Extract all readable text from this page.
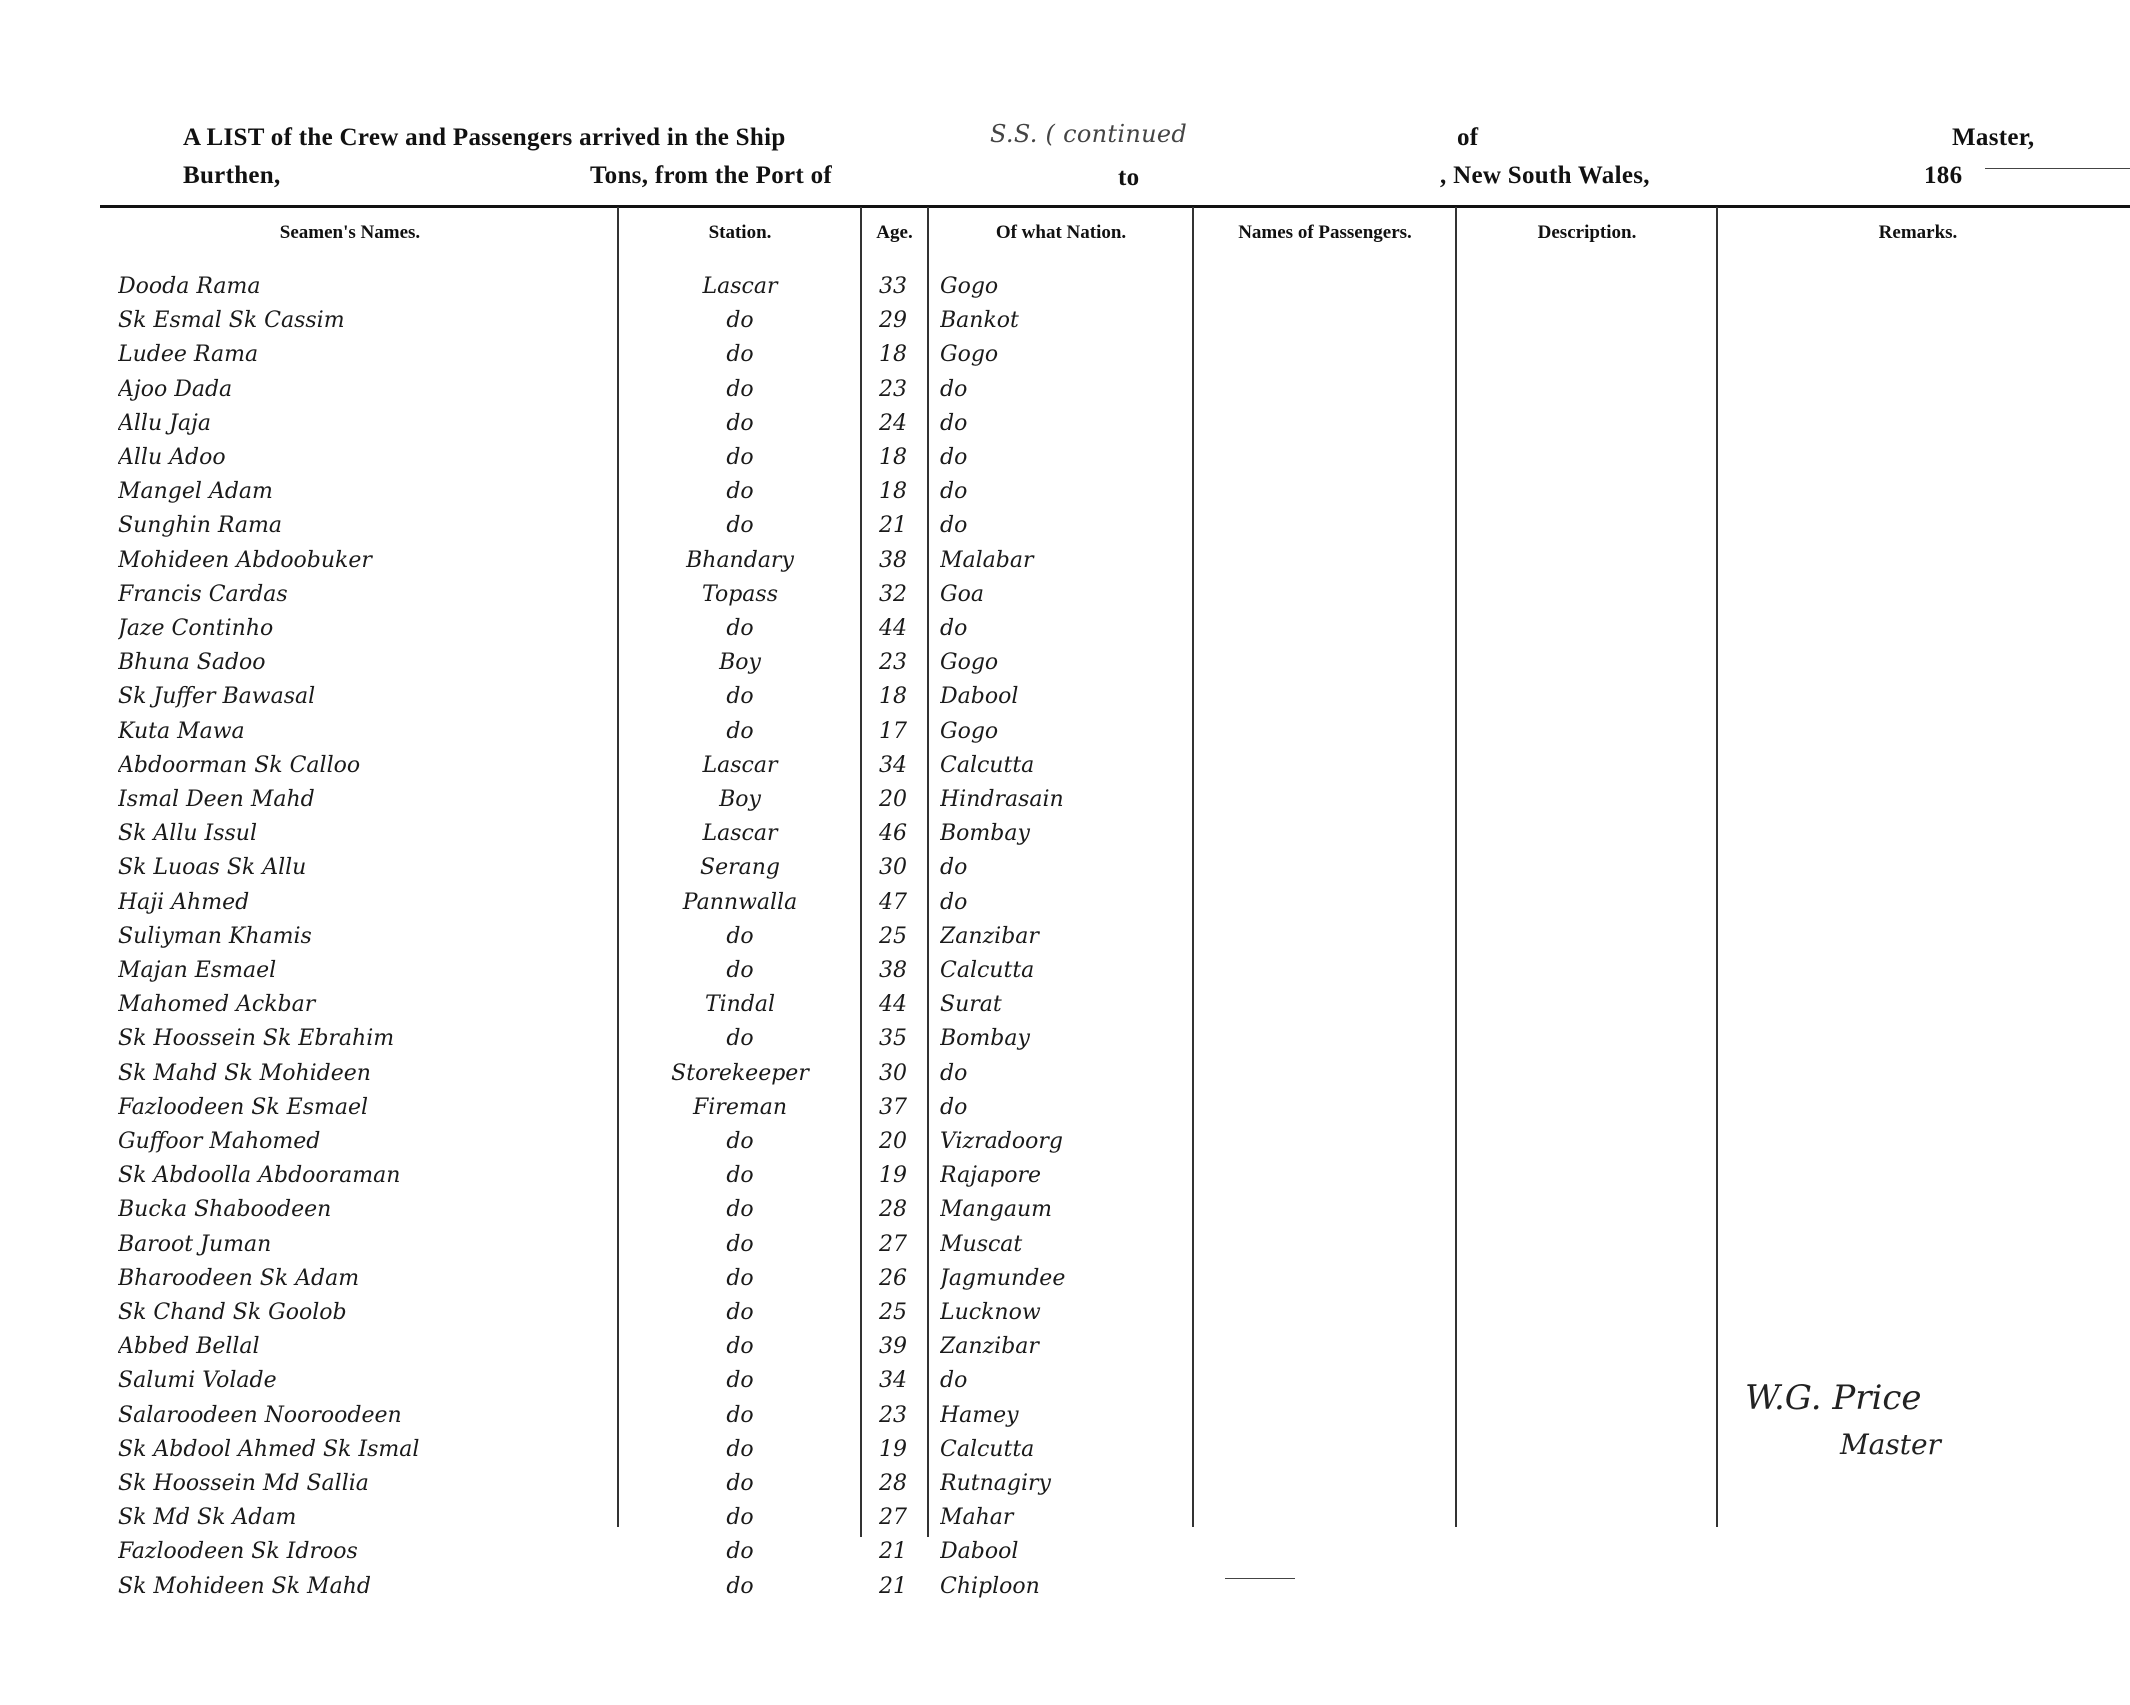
A LIST of the Crew and Passengers arrived in the Ship	S.S. ( continued	of	Master,
Burthen,	Tons, from the Port of	to	, New South Wales,	186
Seamen's Names.	Station.	Age.	Of what Nation.	Names of Passengers.	Description.	Remarks.
Dooda Rama	Lascar	33	Gogo
Sk Esmal Sk Cassim	do	29	Bankot
Ludee Rama	do	18	Gogo
Ajoo Dada	do	23	do
Allu Jaja	do	24	do
Allu Adoo	do	18	do
Mangel Adam	do	18	do
Sunghin Rama	do	21	do
Mohideen Abdoobuker	Bhandary	38	Malabar
Francis Cardas	Topass	32	Goa
Jaze Continho	do	44	do
Bhuna Sadoo	Boy	23	Gogo
Sk Juffer Bawasal	do	18	Dabool
Kuta Mawa	do	17	Gogo
Abdoorman Sk Calloo	Lascar	34	Calcutta
Ismal Deen Mahd	Boy	20	Hindrasain
Sk Allu Issul	Lascar	46	Bombay
Sk Luoas Sk Allu	Serang	30	do
Haji Ahmed	Pannwalla	47	do
Suliyman Khamis	do	25	Zanzibar
Majan Esmael	do	38	Calcutta
Mahomed Ackbar	Tindal	44	Surat
Sk Hoossein Sk Ebrahim	do	35	Bombay
Sk Mahd Sk Mohideen	Storekeeper	30	do
Fazloodeen Sk Esmael	Fireman	37	do
Guffoor Mahomed	do	20	Vizradoorg
Sk Abdoolla Abdooraman	do	19	Rajapore
Bucka Shaboodeen	do	28	Mangaum
Baroot Juman	do	27	Muscat
Bharoodeen Sk Adam	do	26	Jagmundee
Sk Chand Sk Goolob	do	25	Lucknow
Abbed Bellal	do	39	Zanzibar
Salumi Volade	do	34	do
Salaroodeen Nooroodeen	do	23	Hamey
Sk Abdool Ahmed Sk Ismal	do	19	Calcutta
Sk Hoossein Md Sallia	do	28	Rutnagiry
Sk Md Sk Adam	do	27	Mahar
Fazloodeen Sk Idroos	do	21	Dabool
Sk Mohideen Sk Mahd	do	21	Chiploon
W.G. Price
Master
